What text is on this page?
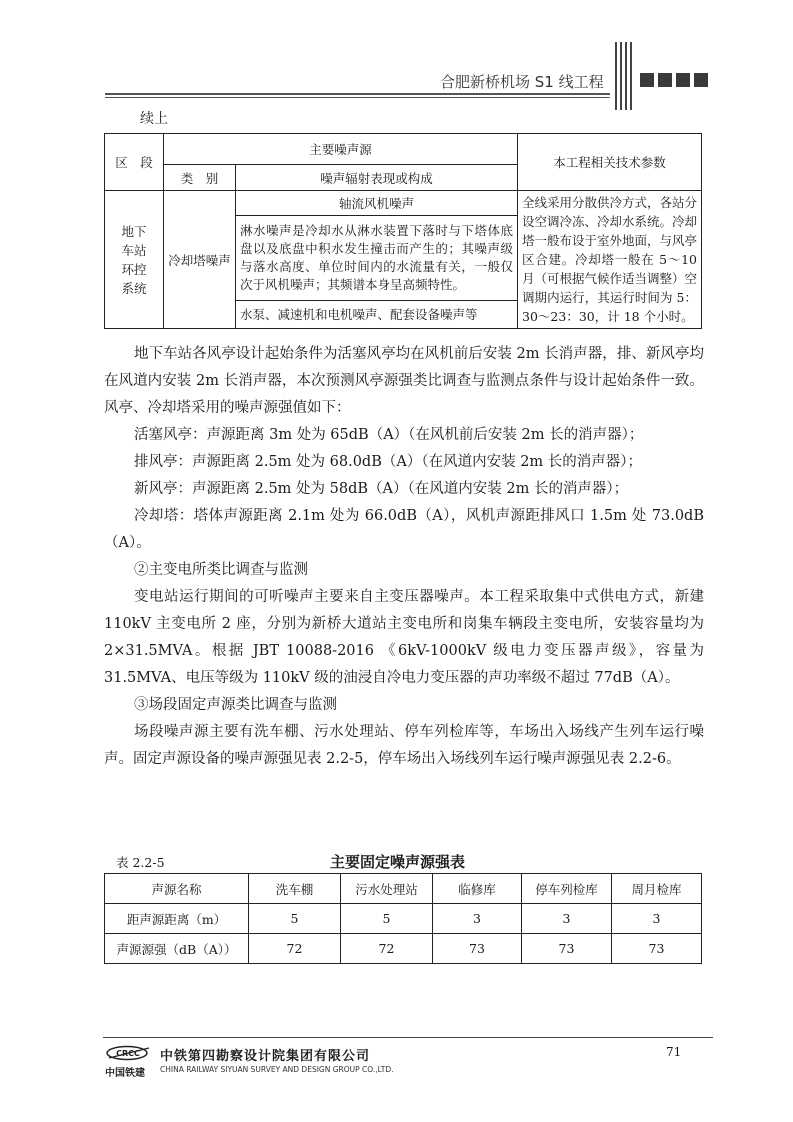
合肥新桥机场 S1 线工程
续上
区　段	主要噪声源		本工程相关技术参数
	类　别	噪声辐射表现或构成	

地下
车站
环控
系统	冷却塔噪声	轴流风机噪声	全线采用分散供冷方式，各站分设空调冷冻、冷却水系统。冷却塔一般布设于室外地面，与风亭区合建。冷却塔一般在 5～10 月（可根据气候作适当调整）空调期内运行，其运行时间为 5：30～23：30，计 18 个小时。
		淋水噪声是冷却水从淋水装置下落时与下塔体底盘以及底盘中积水发生撞击而产生的；其噪声级与落水高度、单位时间内的水流量有关，一般仅次于风机噪声；其频谱本身呈高频特性。	
		水泵、减速机和电机噪声、配套设备噪声等	

地下车站各风亭设计起始条件为活塞风亭均在风机前后安装 2m 长消声器，排、新风亭均在风道内安装 2m 长消声器，本次预测风亭源强类比调查与监测点条件与设计起始条件一致。风亭、冷却塔采用的噪声源强值如下：

活塞风亭：声源距离 3m 处为 65dB（A）（在风机前后安装 2m 长的消声器）；

排风亭：声源距离 2.5m 处为 68.0dB（A）（在风道内安装 2m 长的消声器）；

新风亭：声源距离 2.5m 处为 58dB（A）（在风道内安装 2m 长的消声器）；

冷却塔：塔体声源距离 2.1m 处为 66.0dB（A），风机声源距排风口 1.5m 处 73.0dB（A）。

②主变电所类比调查与监测

变电站运行期间的可听噪声主要来自主变压器噪声。本工程采取集中式供电方式，新建 110kV 主变电所 2 座，分别为新桥大道站主变电所和岗集车辆段主变电所，安装容量均为 2×31.5MVA。根据 JBT 10088-2016 《6kV-1000kV 级电力变压器声级》，容量为 31.5MVA、电压等级为 110kV 级的油浸自冷电力变压器的声功率级不超过 77dB（A）。

③场段固定声源类比调查与监测

场段噪声源主要有洗车棚、污水处理站、停车列检库等，车场出入场线产生列车运行噪声。固定声源设备的噪声源强见表 2.2-5，停车场出入场线列车运行噪声源强见表 2.2-6。

表 2.2-5	主要固定噪声源强表
声源名称	洗车棚	污水处理站	临修库	停车列检库	周月检库
距声源距离（m）	5	5	3	3	3
声源源强（dB（A））	72	72	73	73	73
CRCC
中国铁建
中铁第四勘察设计院集团有限公司
CHINA RAILWAY SIYUAN SURVEY AND DESIGN GROUP CO.,LTD.
71
